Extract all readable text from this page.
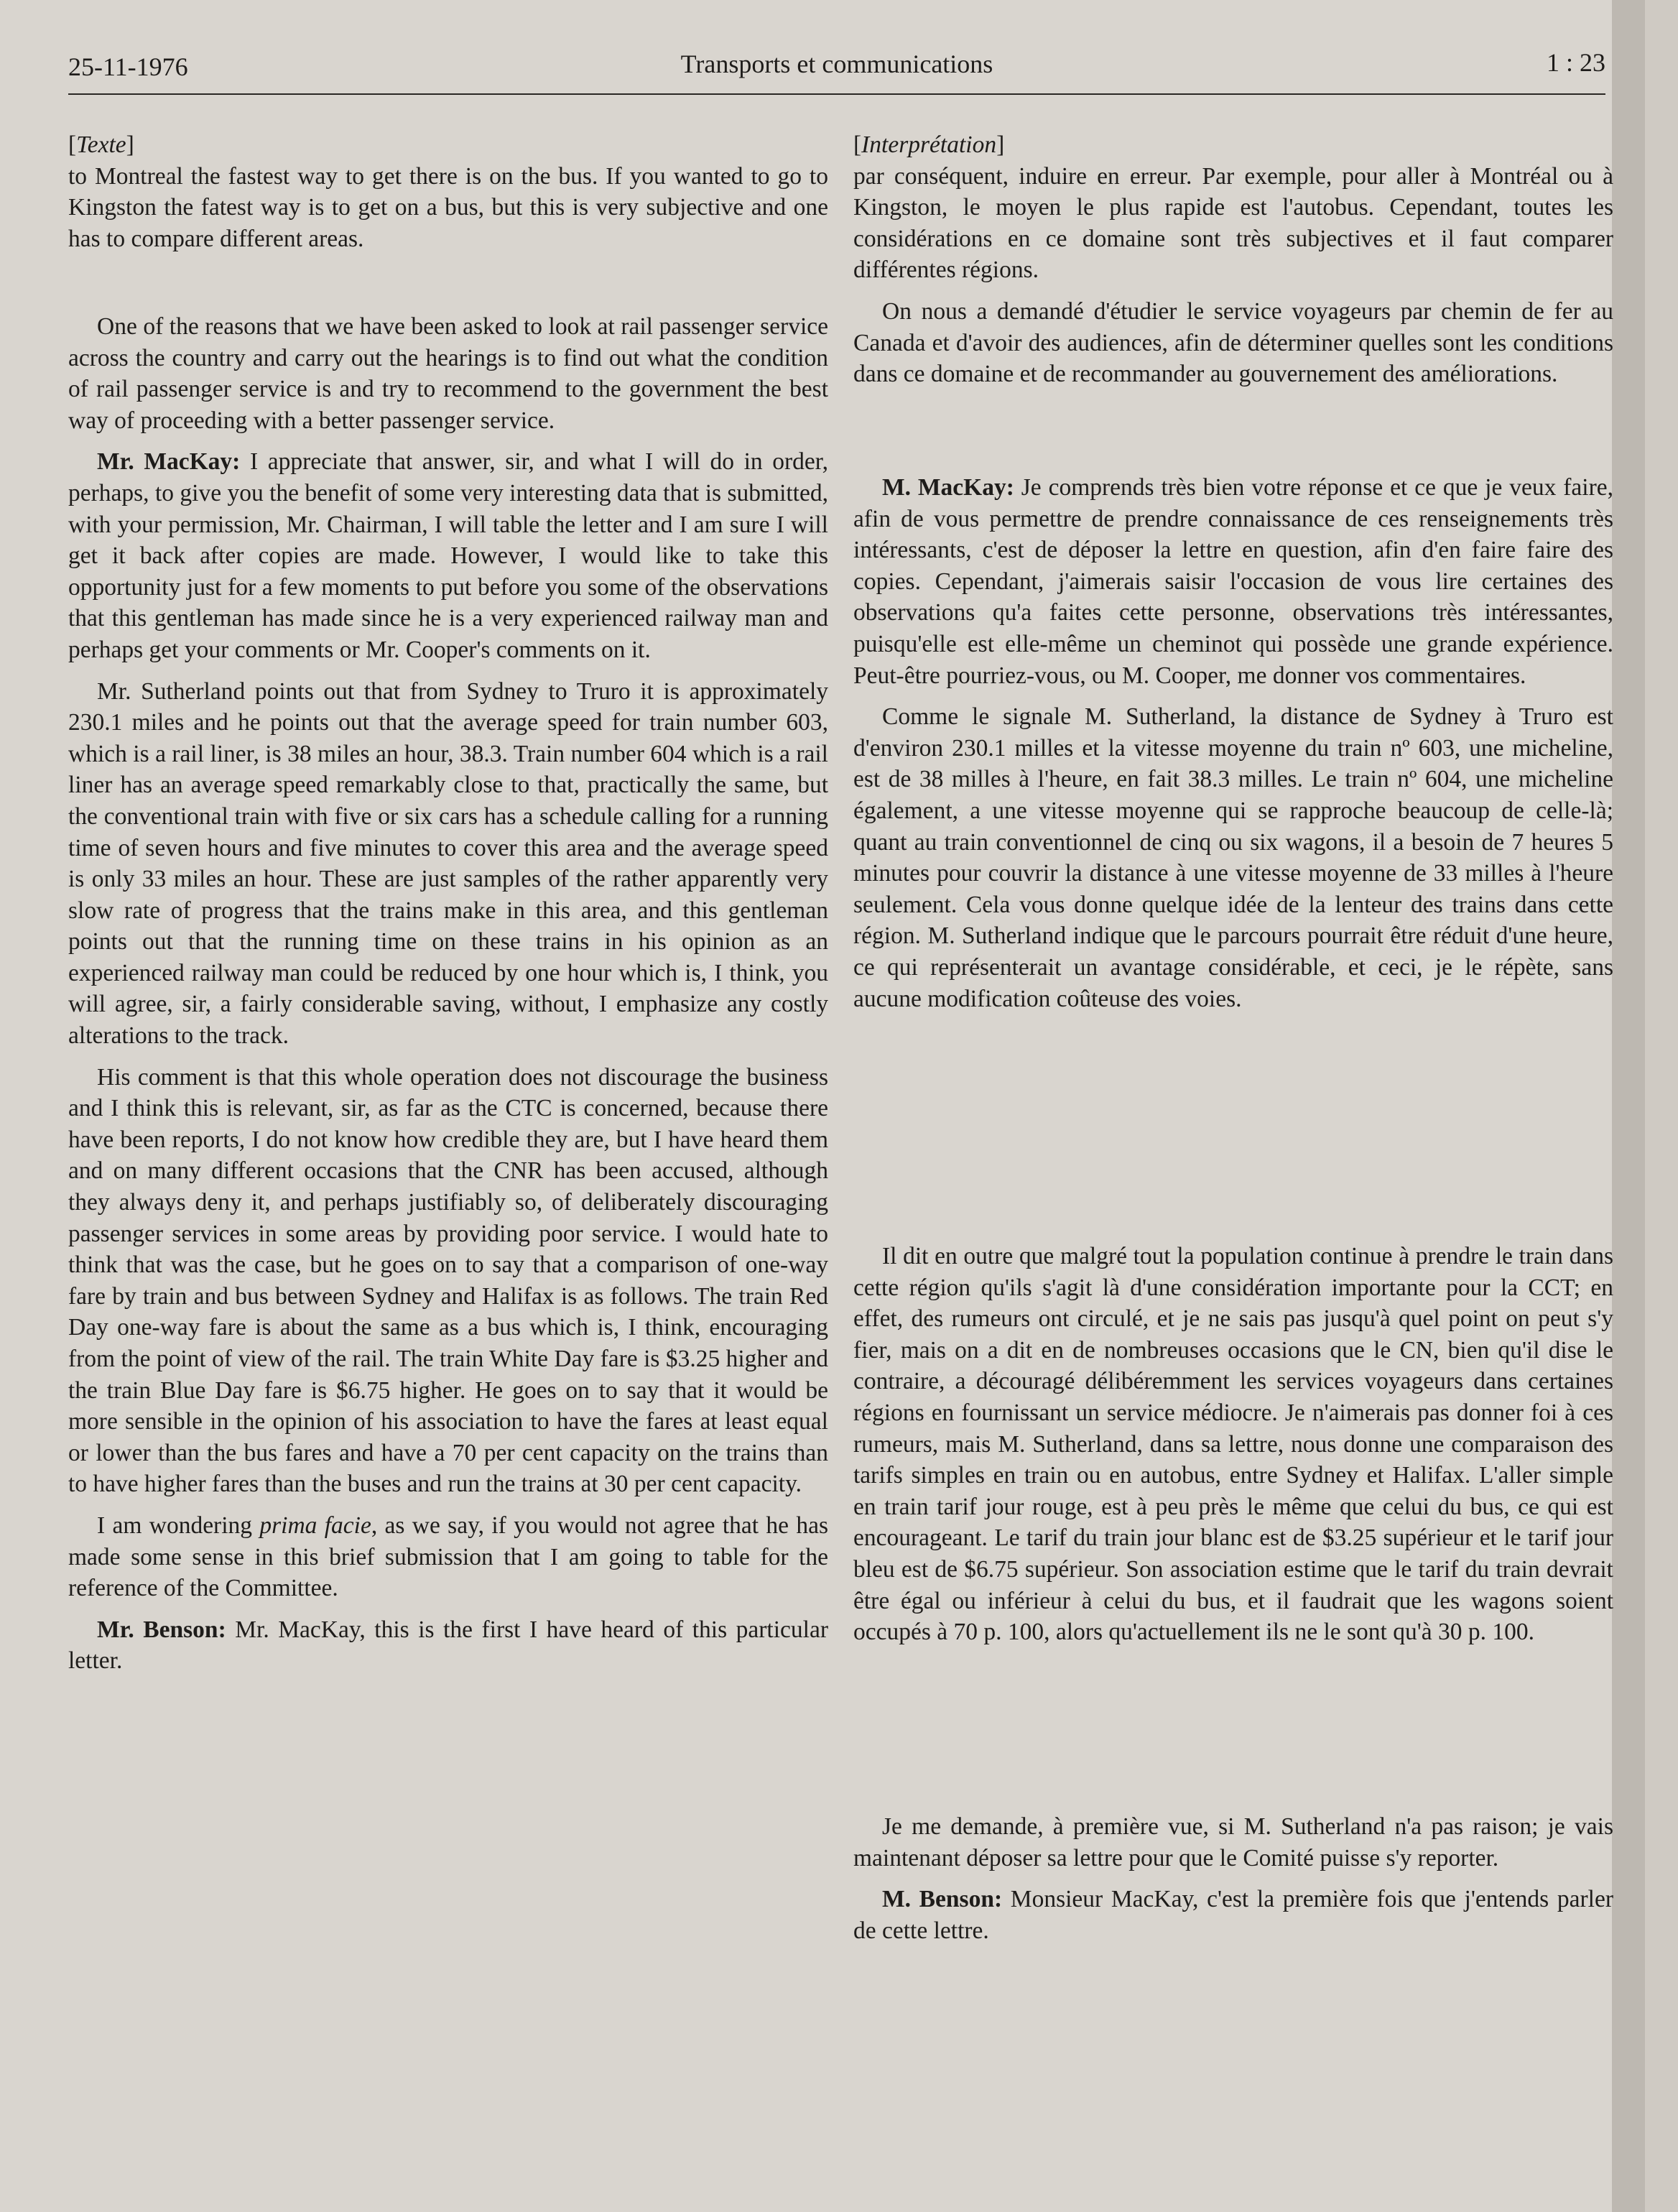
25-11-1976	Transports et communications	1 : 23

[Texte]

to Montreal the fastest way to get there is on the bus. If you wanted to go to Kingston the fatest way is to get on a bus, but this is very subjective and one has to compare different areas.

One of the reasons that we have been asked to look at rail passenger service across the country and carry out the hearings is to find out what the condition of rail passenger service is and try to recommend to the government the best way of proceeding with a better passenger service.

Mr. MacKay: I appreciate that answer, sir, and what I will do in order, perhaps, to give you the benefit of some very interesting data that is submitted, with your permission, Mr. Chairman, I will table the letter and I am sure I will get it back after copies are made. However, I would like to take this opportunity just for a few moments to put before you some of the observations that this gentleman has made since he is a very experienced railway man and perhaps get your comments or Mr. Cooper's comments on it.

Mr. Sutherland points out that from Sydney to Truro it is approximately 230.1 miles and he points out that the average speed for train number 603, which is a rail liner, is 38 miles an hour, 38.3. Train number 604 which is a rail liner has an average speed remarkably close to that, practically the same, but the conventional train with five or six cars has a schedule calling for a running time of seven hours and five minutes to cover this area and the average speed is only 33 miles an hour. These are just samples of the rather apparently very slow rate of progress that the trains make in this area, and this gentleman points out that the running time on these trains in his opinion as an experienced railway man could be reduced by one hour which is, I think, you will agree, sir, a fairly considerable saving, without, I emphasize any costly alterations to the track.

His comment is that this whole operation does not discourage the business and I think this is relevant, sir, as far as the CTC is concerned, because there have been reports, I do not know how credible they are, but I have heard them and on many different occasions that the CNR has been accused, although they always deny it, and perhaps justifiably so, of deliberately discouraging passenger services in some areas by providing poor service. I would hate to think that was the case, but he goes on to say that a comparison of one-way fare by train and bus between Sydney and Halifax is as follows. The train Red Day one-way fare is about the same as a bus which is, I think, encouraging from the point of view of the rail. The train White Day fare is $3.25 higher and the train Blue Day fare is $6.75 higher. He goes on to say that it would be more sensible in the opinion of his association to have the fares at least equal or lower than the bus fares and have a 70 per cent capacity on the trains than to have higher fares than the buses and run the trains at 30 per cent capacity.

I am wondering prima facie, as we say, if you would not agree that he has made some sense in this brief submission that I am going to table for the reference of the Committee.

Mr. Benson: Mr. MacKay, this is the first I have heard of this particular letter.

[Interprétation]

par conséquent, induire en erreur. Par exemple, pour aller à Montréal ou à Kingston, le moyen le plus rapide est l'autobus. Cependant, toutes les considérations en ce domaine sont très subjectives et il faut comparer différentes régions.

On nous a demandé d'étudier le service voyageurs par chemin de fer au Canada et d'avoir des audiences, afin de déterminer quelles sont les conditions dans ce domaine et de recommander au gouvernement des améliorations.

M. MacKay: Je comprends très bien votre réponse et ce que je veux faire, afin de vous permettre de prendre connaissance de ces renseignements très intéressants, c'est de déposer la lettre en question, afin d'en faire faire des copies. Cependant, j'aimerais saisir l'occasion de vous lire certaines des observations qu'a faites cette personne, observations très intéressantes, puisqu'elle est elle-même un cheminot qui possède une grande expérience. Peut-être pourriez-vous, ou M. Cooper, me donner vos commentaires.

Comme le signale M. Sutherland, la distance de Sydney à Truro est d'environ 230.1 milles et la vitesse moyenne du train nº 603, une micheline, est de 38 milles à l'heure, en fait 38.3 milles. Le train nº 604, une micheline également, a une vitesse moyenne qui se rapproche beaucoup de celle-là; quant au train conventionnel de cinq ou six wagons, il a besoin de 7 heures 5 minutes pour couvrir la distance à une vitesse moyenne de 33 milles à l'heure seulement. Cela vous donne quelque idée de la lenteur des trains dans cette région. M. Sutherland indique que le parcours pourrait être réduit d'une heure, ce qui représenterait un avantage considérable, et ceci, je le répète, sans aucune modification coûteuse des voies.

Il dit en outre que malgré tout la population continue à prendre le train dans cette région qu'ils s'agit là d'une considération importante pour la CCT; en effet, des rumeurs ont circulé, et je ne sais pas jusqu'à quel point on peut s'y fier, mais on a dit en de nombreuses occasions que le CN, bien qu'il dise le contraire, a découragé délibéremment les services voyageurs dans certaines régions en fournissant un service médiocre. Je n'aimerais pas donner foi à ces rumeurs, mais M. Sutherland, dans sa lettre, nous donne une comparaison des tarifs simples en train ou en autobus, entre Sydney et Halifax. L'aller simple en train tarif jour rouge, est à peu près le même que celui du bus, ce qui est encourageant. Le tarif du train jour blanc est de $3.25 supérieur et le tarif jour bleu est de $6.75 supérieur. Son association estime que le tarif du train devrait être égal ou inférieur à celui du bus, et il faudrait que les wagons soient occupés à 70 p. 100, alors qu'actuellement ils ne le sont qu'à 30 p. 100.

Je me demande, à première vue, si M. Sutherland n'a pas raison; je vais maintenant déposer sa lettre pour que le Comité puisse s'y reporter.

M. Benson: Monsieur MacKay, c'est la première fois que j'entends parler de cette lettre.
